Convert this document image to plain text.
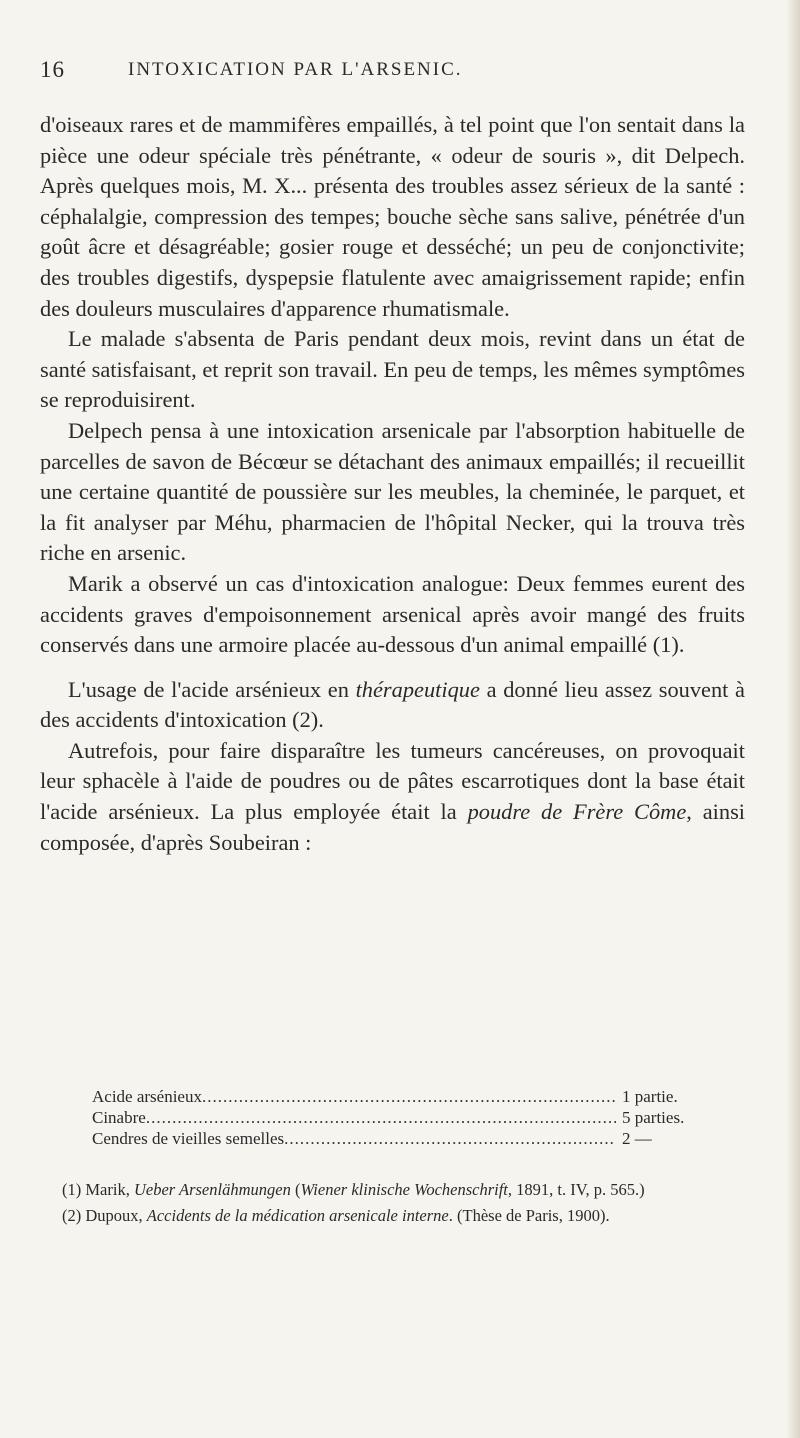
16	INTOXICATION PAR L'ARSENIC.

d'oiseaux rares et de mammifères empaillés, à tel point que l'on sentait dans la pièce une odeur spéciale très pénétrante, « odeur de souris », dit Delpech. Après quelques mois, M. X... présenta des troubles assez sérieux de la santé : céphalalgie, compression des tempes; bouche sèche sans salive, pénétrée d'un goût âcre et désagréable; gosier rouge et desséché; un peu de conjonctivite; des troubles digestifs, dyspepsie flatulente avec amaigrissement rapide; enfin des douleurs musculaires d'apparence rhumatismale.

Le malade s'absenta de Paris pendant deux mois, revint dans un état de santé satisfaisant, et reprit son travail. En peu de temps, les mêmes symptômes se reproduisirent.

Delpech pensa à une intoxication arsenicale par l'absorption habituelle de parcelles de savon de Bécœur se détachant des animaux empaillés; il recueillit une certaine quantité de poussière sur les meubles, la cheminée, le parquet, et la fit analyser par Méhu, pharmacien de l'hôpital Necker, qui la trouva très riche en arsenic.

Marik a observé un cas d'intoxication analogue: Deux femmes eurent des accidents graves d'empoisonnement arsenical après avoir mangé des fruits conservés dans une armoire placée au-dessous d'un animal empaillé (1).

L'usage de l'acide arsénieux en thérapeutique a donné lieu assez souvent à des accidents d'intoxication (2).

Autrefois, pour faire disparaître les tumeurs cancéreuses, on provoquait leur sphacèle à l'aide de poudres ou de pâtes escarrotiques dont la base était l'acide arsénieux. La plus employée était la poudre de Frère Côme, ainsi composée, d'après Soubeiran :

Acide arsénieux .....	1 partie.
Cinabre .....	5 parties.
Cendres de vieilles semelles .....	2 —

(1) Marik, Ueber Arsenlähmungen (Wiener klinische Wochenschrift, 1891, t. IV, p. 565.)

(2) Dupoux, Accidents de la médication arsenicale interne. (Thèse de Paris, 1900).
